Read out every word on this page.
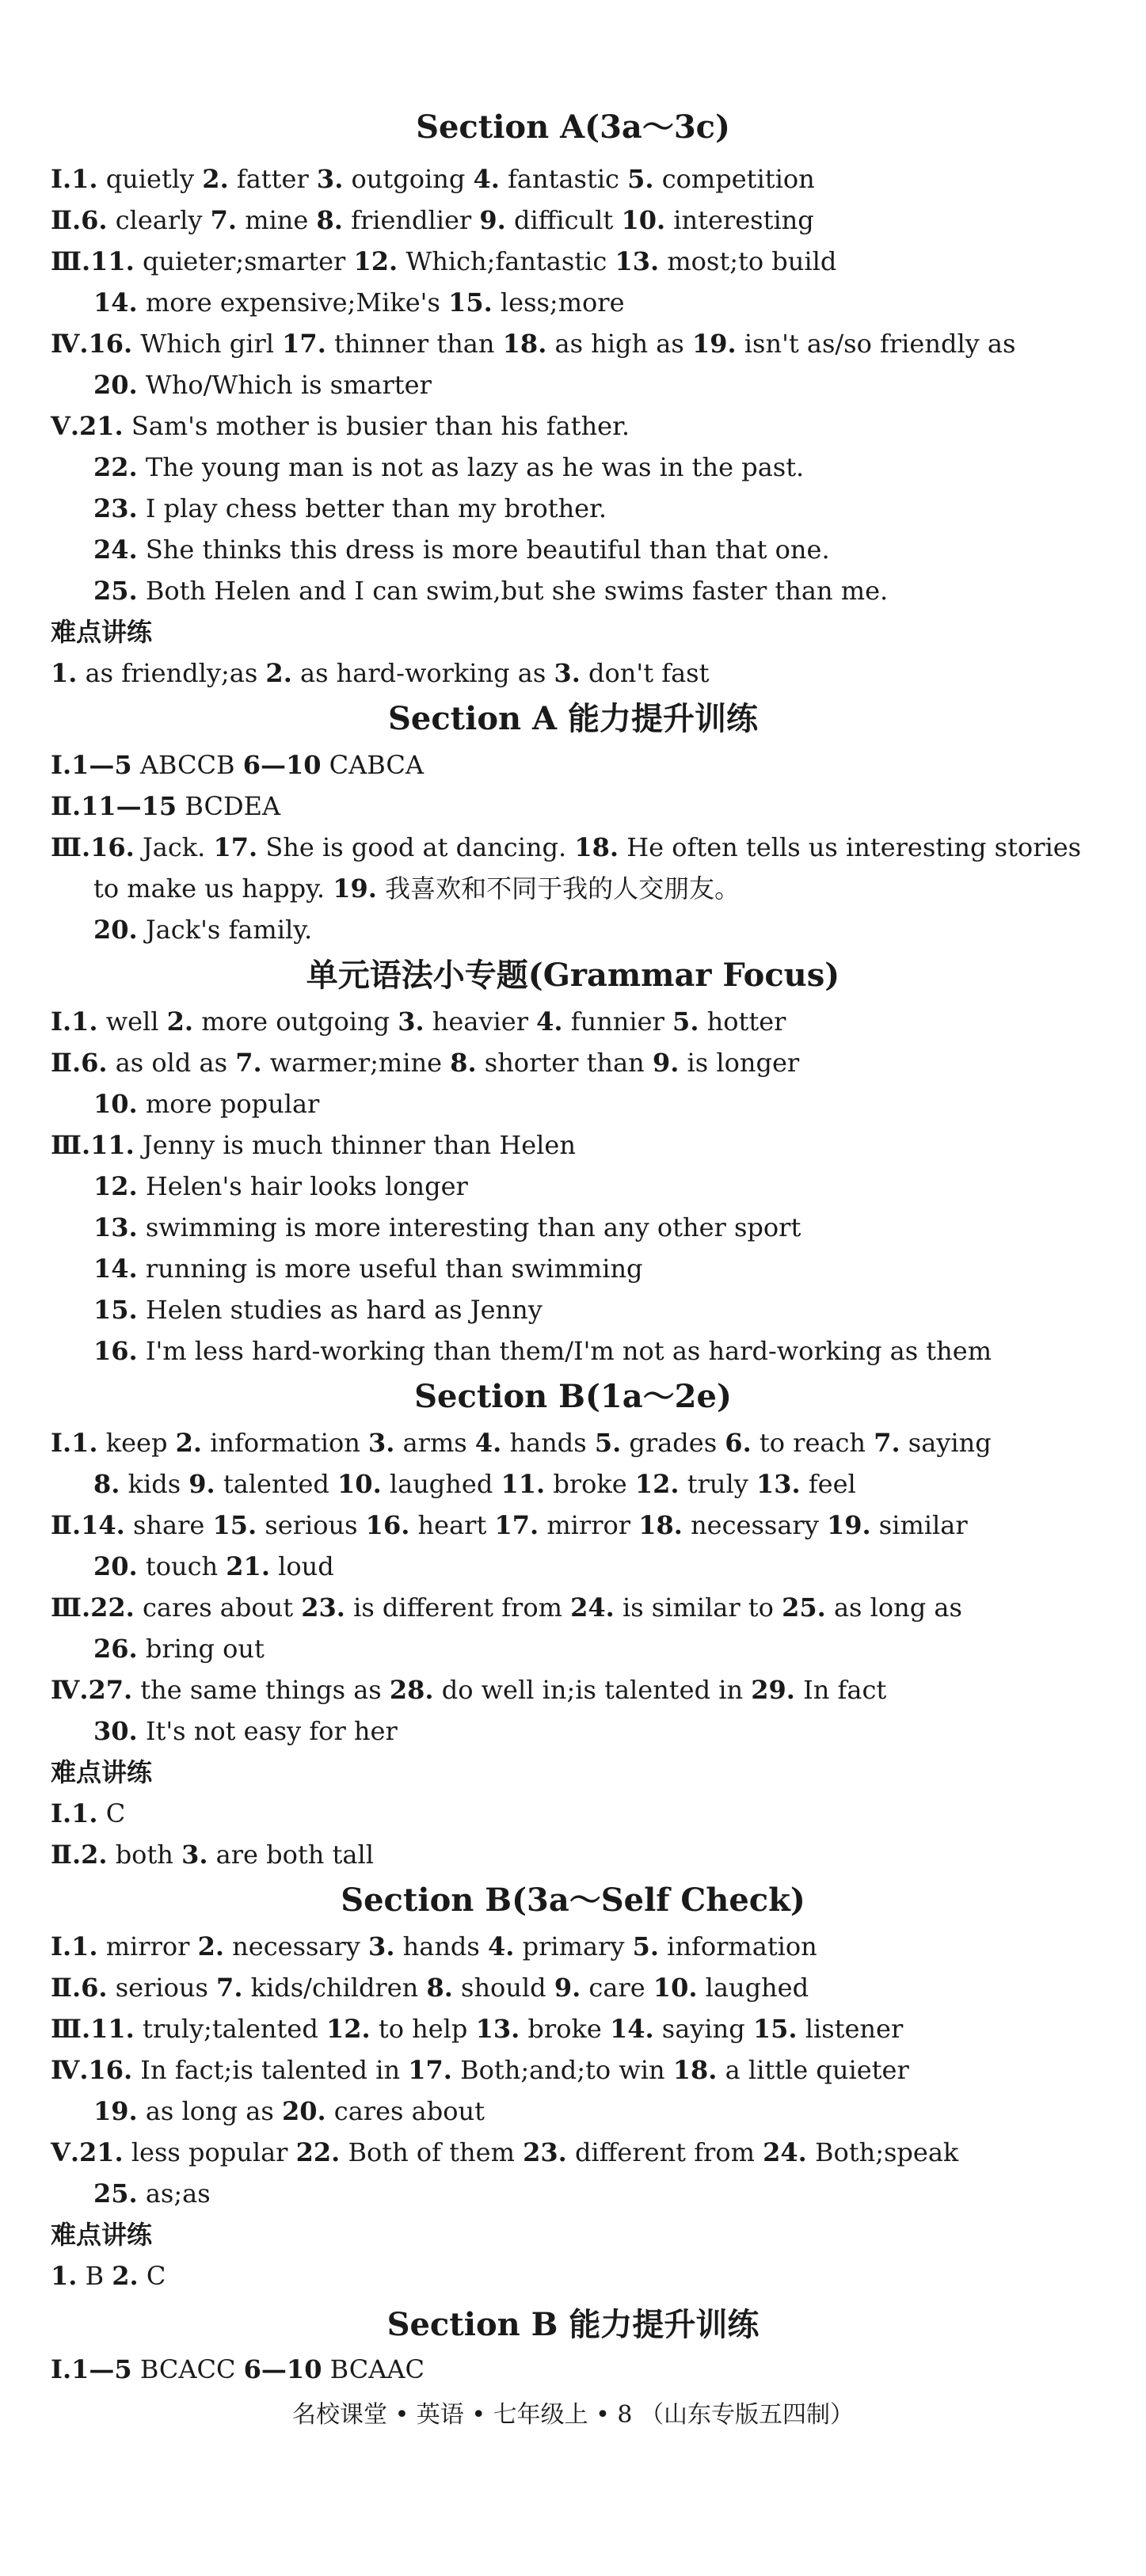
Section A(3a～3c)
Ⅰ.1. quietly 2. fatter 3. outgoing 4. fantastic 5. competition
Ⅱ.6. clearly 7. mine 8. friendlier 9. difficult 10. interesting
Ⅲ.11. quieter;smarter 12. Which;fantastic 13. most;to build
14. more expensive;Mike's 15. less;more
Ⅳ.16. Which girl 17. thinner than 18. as high as 19. isn't as/so friendly as
20. Who/Which is smarter
Ⅴ.21. Sam's mother is busier than his father.
22. The young man is not as lazy as he was in the past.
23. I play chess better than my brother.
24. She thinks this dress is more beautiful than that one.
25. Both Helen and I can swim,but she swims faster than me.
难点讲练
1. as friendly;as 2. as hard-working as 3. don't fast
Section A 能力提升训练
Ⅰ.1—5 ABCCB 6—10 CABCA
Ⅱ.11—15 BCDEA
Ⅲ.16. Jack. 17. She is good at dancing. 18. He often tells us interesting stories
to make us happy. 19. 我喜欢和不同于我的人交朋友。
20. Jack's family.
单元语法小专题(Grammar Focus)
Ⅰ.1. well 2. more outgoing 3. heavier 4. funnier 5. hotter
Ⅱ.6. as old as 7. warmer;mine 8. shorter than 9. is longer
10. more popular
Ⅲ.11. Jenny is much thinner than Helen
12. Helen's hair looks longer
13. swimming is more interesting than any other sport
14. running is more useful than swimming
15. Helen studies as hard as Jenny
16. I'm less hard-working than them/I'm not as hard-working as them
Section B(1a～2e)
Ⅰ.1. keep 2. information 3. arms 4. hands 5. grades 6. to reach 7. saying
8. kids 9. talented 10. laughed 11. broke 12. truly 13. feel
Ⅱ.14. share 15. serious 16. heart 17. mirror 18. necessary 19. similar
20. touch 21. loud
Ⅲ.22. cares about 23. is different from 24. is similar to 25. as long as
26. bring out
Ⅳ.27. the same things as 28. do well in;is talented in 29. In fact
30. It's not easy for her
难点讲练
Ⅰ.1. C
Ⅱ.2. both 3. are both tall
Section B(3a～Self Check)
Ⅰ.1. mirror 2. necessary 3. hands 4. primary 5. information
Ⅱ.6. serious 7. kids/children 8. should 9. care 10. laughed
Ⅲ.11. truly;talented 12. to help 13. broke 14. saying 15. listener
Ⅳ.16. In fact;is talented in 17. Both;and;to win 18. a little quieter
19. as long as 20. cares about
Ⅴ.21. less popular 22. Both of them 23. different from 24. Both;speak
25. as;as
难点讲练
1. B 2. C
Section B 能力提升训练
Ⅰ.1—5 BCACC 6—10 BCAAC
名校课堂 • 英语 • 七年级上 • 8 （山东专版五四制）
